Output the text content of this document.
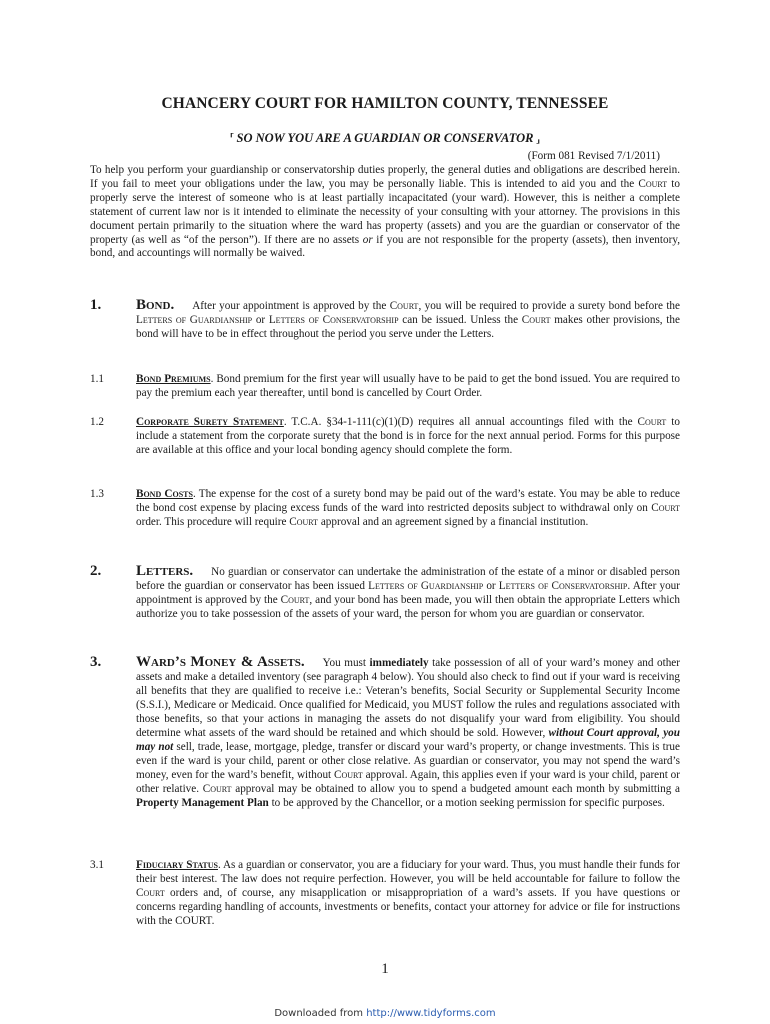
CHANCERY COURT FOR HAMILTON COUNTY, TENNESSEE
⸢ SO NOW YOU ARE A GUARDIAN OR CONSERVATOR ⸥
(Form 081 Revised 7/1/2011)

To help you perform your guardianship or conservatorship duties properly, the general duties and obligations are described herein. If you fail to meet your obligations under the law, you may be personally liable. This is intended to aid you and the Court to properly serve the interest of someone who is at least partially incapacitated (your ward). However, this is neither a complete statement of current law nor is it intended to eliminate the necessity of your consulting with your attorney. The provisions in this document pertain primarily to the situation where the ward has property (assets) and you are the guardian or conservator of the property (as well as “of the person”). If there are no assets or if you are not responsible for the property (assets), then inventory, bond, and accountings will normally be waived.

1. Bond. After your appointment is approved by the Court, you will be required to provide a surety bond before the Letters of Guardianship or Letters of Conservatorship can be issued. Unless the Court makes other provisions, the bond will have to be in effect throughout the period you serve under the Letters.
1.1	Bond Premiums. Bond premium for the first year will usually have to be paid to get the bond issued. You are required to pay the premium each year thereafter, until bond is cancelled by Court Order.
1.2	Corporate Surety Statement. T.C.A. §34-1-111(c)(1)(D) requires all annual accountings filed with the Court to include a statement from the corporate surety that the bond is in force for the next annual period. Forms for this purpose are available at this office and your local bonding agency should complete the form.
1.3	Bond Costs. The expense for the cost of a surety bond may be paid out of the ward’s estate. You may be able to reduce the bond cost expense by placing excess funds of the ward into restricted deposits subject to withdrawal only on Court order. This procedure will require Court approval and an agreement signed by a financial institution.
2. Letters. No guardian or conservator can undertake the administration of the estate of a minor or disabled person before the guardian or conservator has been issued Letters of Guardianship or Letters of Conservatorship. After your appointment is approved by the Court, and your bond has been made, you will then obtain the appropriate Letters which authorize you to take possession of the assets of your ward, the person for whom you are guardian or conservator.
3. Ward’s Money & Assets. You must immediately take possession of all of your ward’s money and other assets and make a detailed inventory (see paragraph 4 below). You should also check to find out if your ward is receiving all benefits that they are qualified to receive i.e.: Veteran’s benefits, Social Security or Supplemental Security Income (S.S.I.), Medicare or Medicaid. Once qualified for Medicaid, you MUST follow the rules and regulations associated with those benefits, so that your actions in managing the assets do not disqualify your ward from eligibility. You should determine what assets of the ward should be retained and which should be sold. However, without Court approval, you may not sell, trade, lease, mortgage, pledge, transfer or discard your ward’s property, or change investments. This is true even if the ward is your child, parent or other close relative. As guardian or conservator, you may not spend the ward’s money, even for the ward’s benefit, without Court approval. Again, this applies even if your ward is your child, parent or other relative. Court approval may be obtained to allow you to spend a budgeted amount each month by submitting a Property Management Plan to be approved by the Chancellor, or a motion seeking permission for specific purposes.
3.1	Fiduciary Status. As a guardian or conservator, you are a fiduciary for your ward. Thus, you must handle their funds for their best interest. The law does not require perfection. However, you will be held accountable for failure to follow the Court orders and, of course, any misapplication or misappropriation of a ward’s assets. If you have questions or concerns regarding handling of accounts, investments or benefits, contact your attorney for advice or file for instructions with the COURT.
1
Downloaded from http://www.tidyforms.com
